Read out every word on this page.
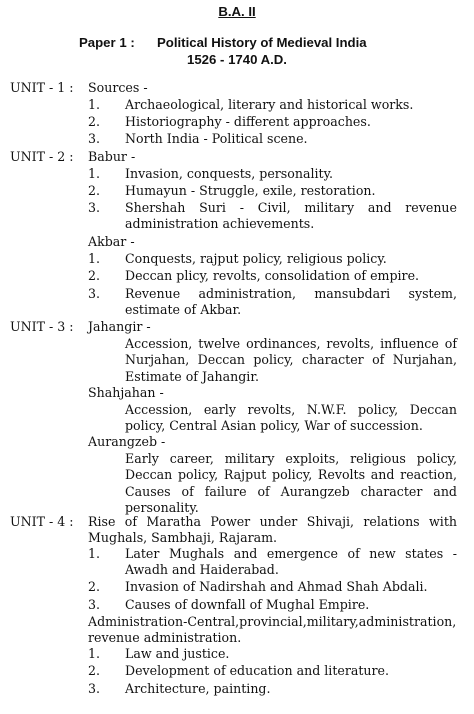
B.A. II
Paper 1 : Political History of Medieval India
1526 - 1740 A.D.
UNIT - 1 : Sources -
1. Archaeological, literary and historical works.
2. Historiography - different approaches.
3. North India - Political scene.
UNIT - 2 : Babur -
1. Invasion, conquests, personality.
2. Humayun - Struggle, exile, restoration.
3. Shershah Suri - Civil, military and revenue
administration achievements.
Akbar -
1. Conquests, rajput policy, religious policy.
2. Deccan plicy, revolts, consolidation of empire.
3. Revenue administration, mansubdari system,
estimate of Akbar.
UNIT - 3 : Jahangir -
Accession, twelve ordinances, revolts, influence of
Nurjahan, Deccan policy, character of Nurjahan,
Estimate of Jahangir.
Shahjahan -
Accession, early revolts, N.W.F. policy, Deccan
policy, Central Asian policy, War of succession.
Aurangzeb -
Early career, military exploits, religious policy,
Deccan policy, Rajput policy, Revolts and reaction,
Causes of failure of Aurangzeb character and
personality.
UNIT - 4 : Rise of Maratha Power under Shivaji, relations with
Mughals, Sambhaji, Rajaram.
1. Later Mughals and emergence of new states -
Awadh and Haiderabad.
2. Invasion of Nadirshah and Ahmad Shah Abdali.
3. Causes of downfall of Mughal Empire.
Administration-Central,provincial,military,administration,
revenue administration.
1. Law and justice.
2. Development of education and literature.
3. Architecture, painting.
